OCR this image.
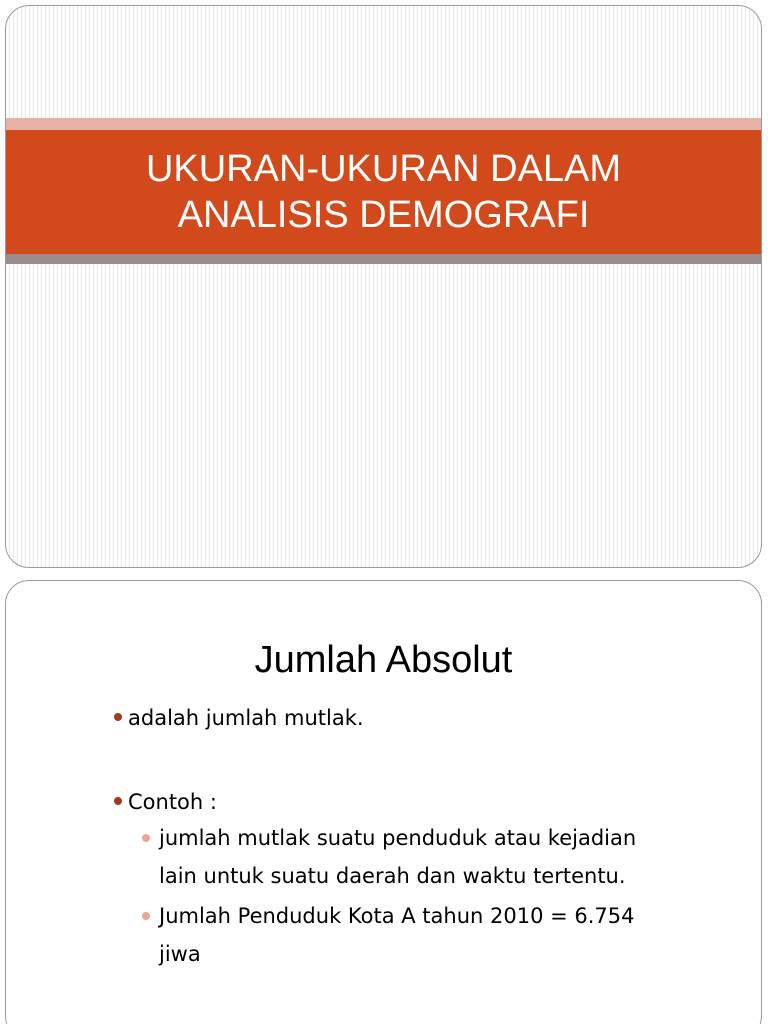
UKURAN-UKURAN DALAM
ANALISIS DEMOGRAFI
Jumlah Absolut
adalah jumlah mutlak.
Contoh :
jumlah mutlak suatu penduduk atau kejadian
lain untuk suatu daerah dan waktu tertentu.
Jumlah Penduduk Kota A tahun 2010 = 6.754
jiwa
